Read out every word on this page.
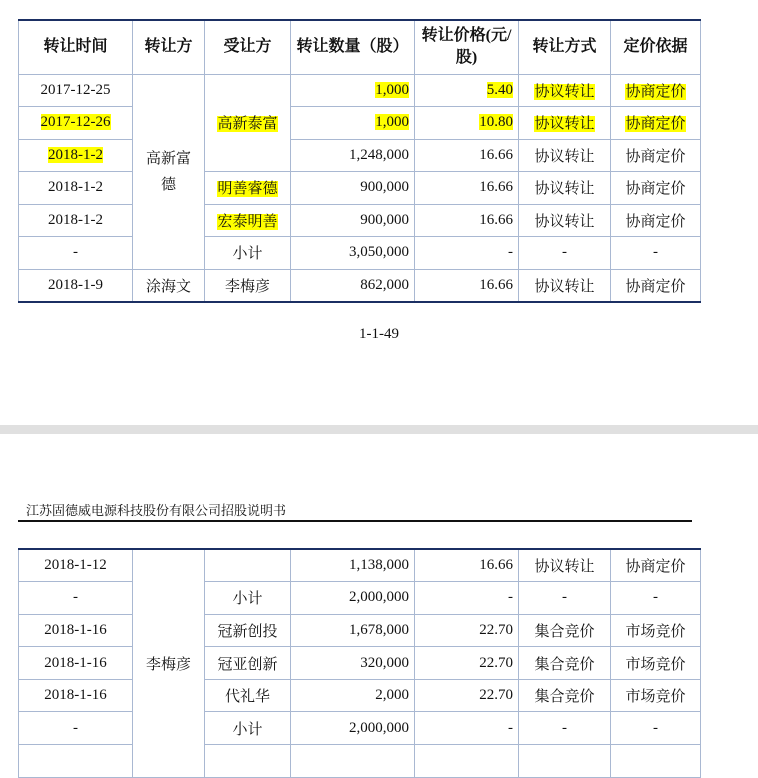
转让时间	转让方	受让方	转让数量（股）	转让价格(元/股)	转让方式	定价依据
2017-12-25	高新富德	高新泰富	1,000	5.40	协议转让	协商定价
2017-12-26			1,000	10.80	协议转让	协商定价
2018-1-2			1,248,000	16.66	协议转让	协商定价
2018-1-2		明善睿德	900,000	16.66	协议转让	协商定价
2018-1-2		宏泰明善	900,000	16.66	协议转让	协商定价
-		小计	3,050,000	-	-	-
2018-1-9	涂海文	李梅彦	862,000	16.66	协议转让	协商定价
1-1-49
江苏固德威电源科技股份有限公司招股说明书
2018-1-12	李梅彦		1,138,000	16.66	协议转让	协商定价
-		小计	2,000,000	-	-	-
2018-1-16		冠新创投	1,678,000	22.70	集合竞价	市场竞价
2018-1-16		冠亚创新	320,000	22.70	集合竞价	市场竞价
2018-1-16		代礼华	2,000	22.70	集合竞价	市场竞价
-		小计	2,000,000	-	-	-
